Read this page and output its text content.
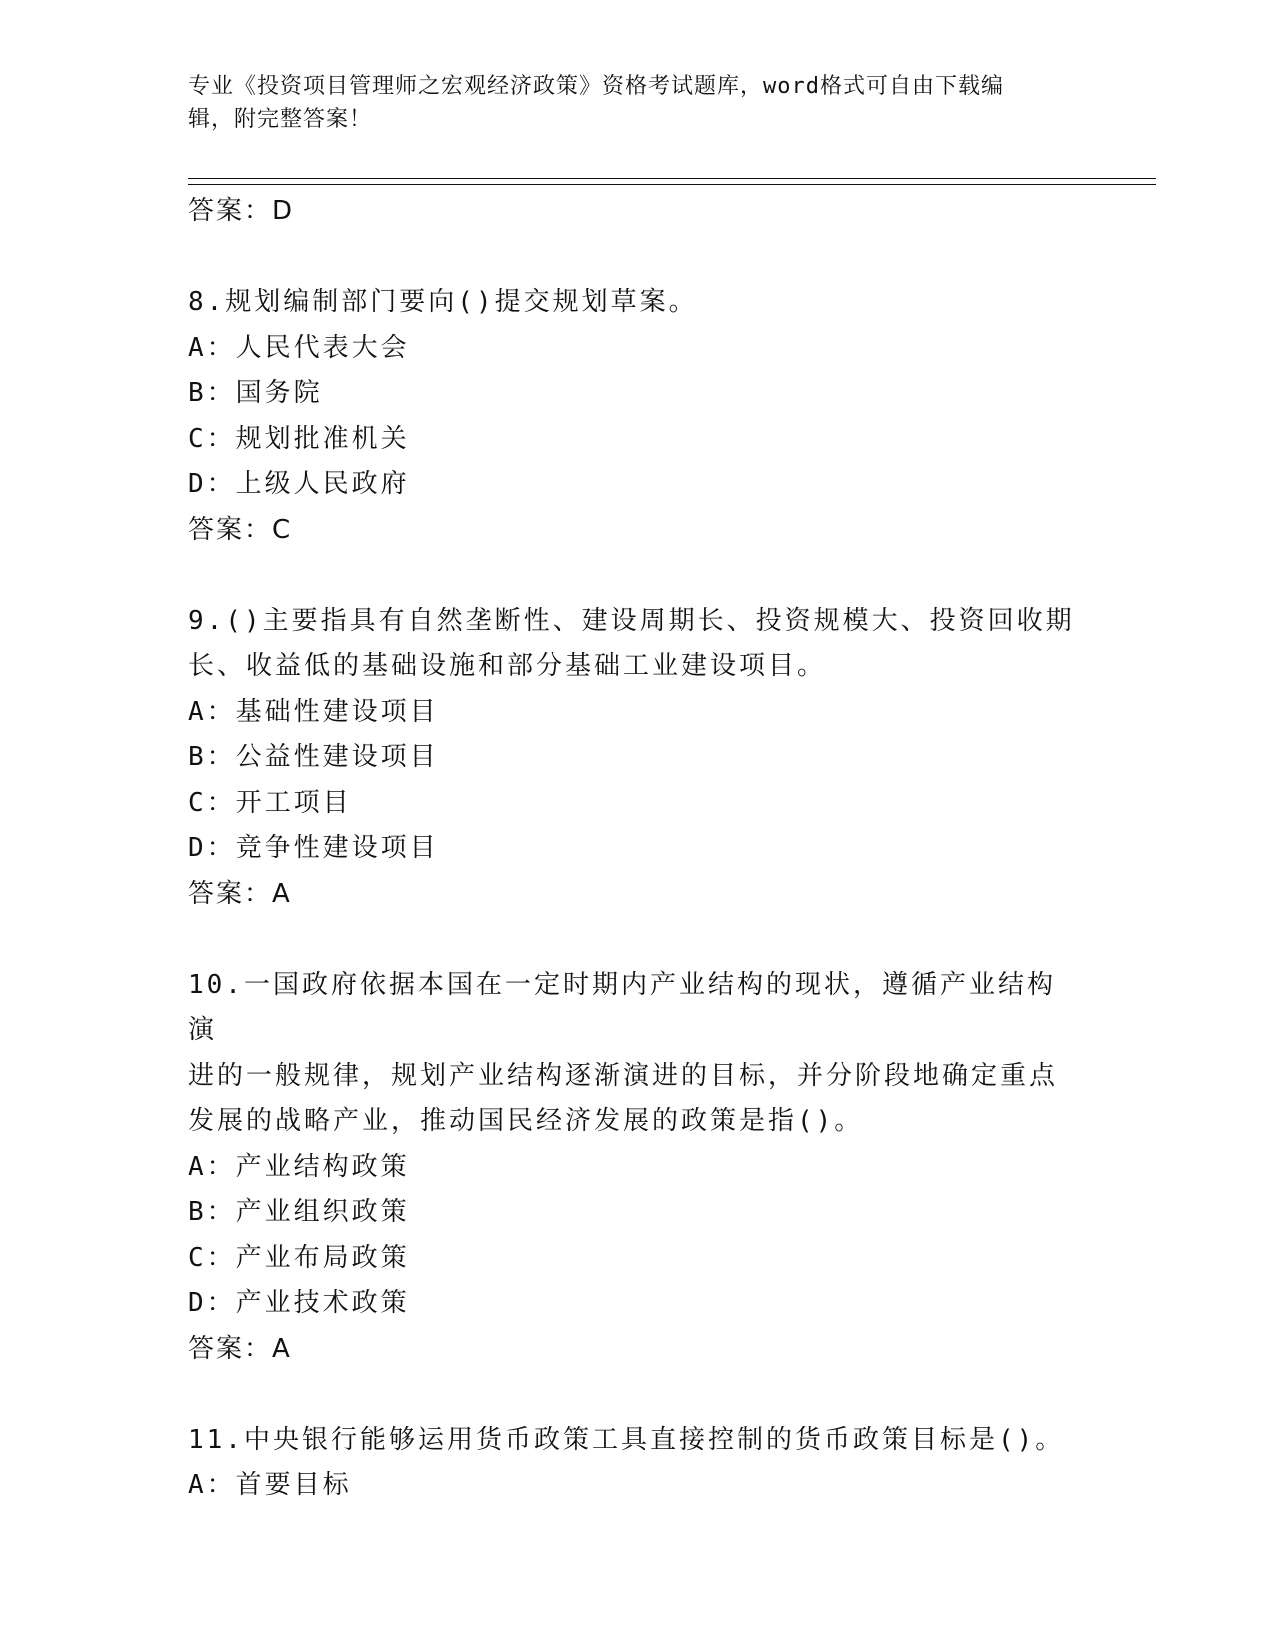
专业《投资项目管理师之宏观经济政策》资格考试题库，word格式可自由下载编
辑，附完整答案！
答案：D
8.规划编制部门要向()提交规划草案。
A：人民代表大会
B：国务院
C：规划批准机关
D：上级人民政府
答案：C
9.()主要指具有自然垄断性、建设周期长、投资规模大、投资回收期
长、收益低的基础设施和部分基础工业建设项目。
A：基础性建设项目
B：公益性建设项目
C：开工项目
D：竞争性建设项目
答案：A
10.一国政府依据本国在一定时期内产业结构的现状，遵循产业结构演
进的一般规律，规划产业结构逐渐演进的目标，并分阶段地确定重点
发展的战略产业，推动国民经济发展的政策是指()。
A：产业结构政策
B：产业组织政策
C：产业布局政策
D：产业技术政策
答案：A
11.中央银行能够运用货币政策工具直接控制的货币政策目标是()。
A：首要目标
